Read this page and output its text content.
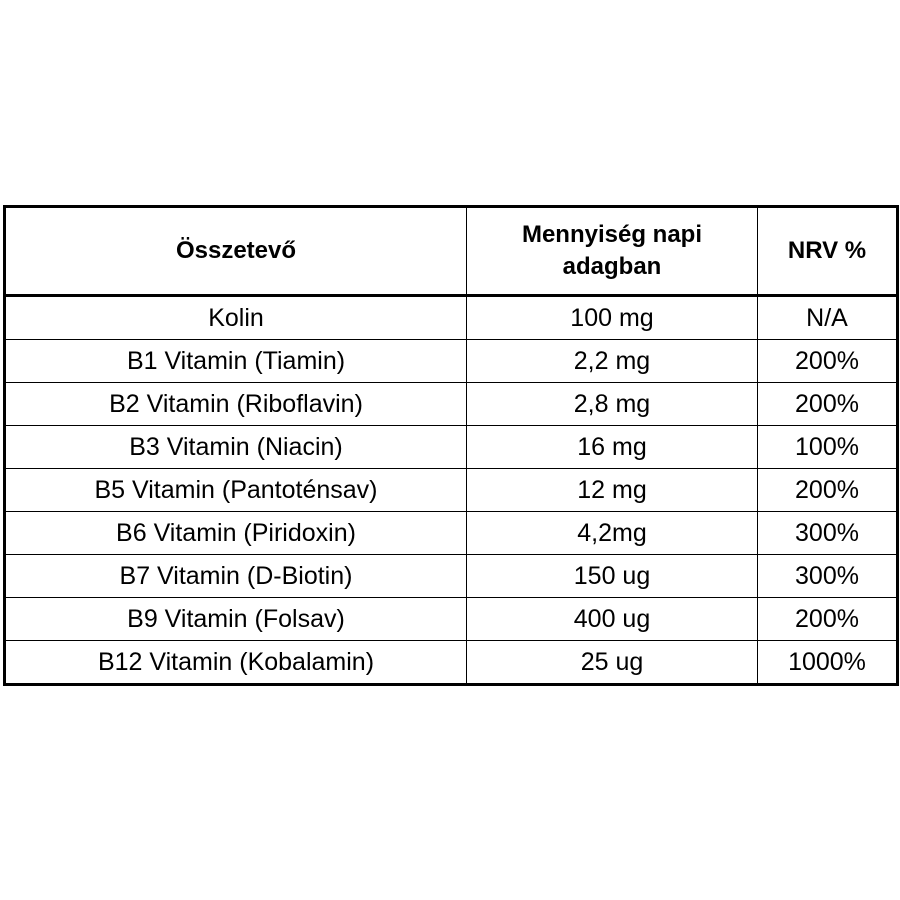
Összetevő	Mennyiség napi adagban	NRV %
Kolin	100 mg	N/A
B1 Vitamin (Tiamin)	2,2 mg	200%
B2 Vitamin (Riboflavin)	2,8 mg	200%
B3 Vitamin (Niacin)	16 mg	100%
B5 Vitamin (Pantoténsav)	12 mg	200%
B6 Vitamin (Piridoxin)	4,2mg	300%
B7 Vitamin (D-Biotin)	150 ug	300%
B9 Vitamin (Folsav)	400 ug	200%
B12 Vitamin (Kobalamin)	25 ug	1000%
